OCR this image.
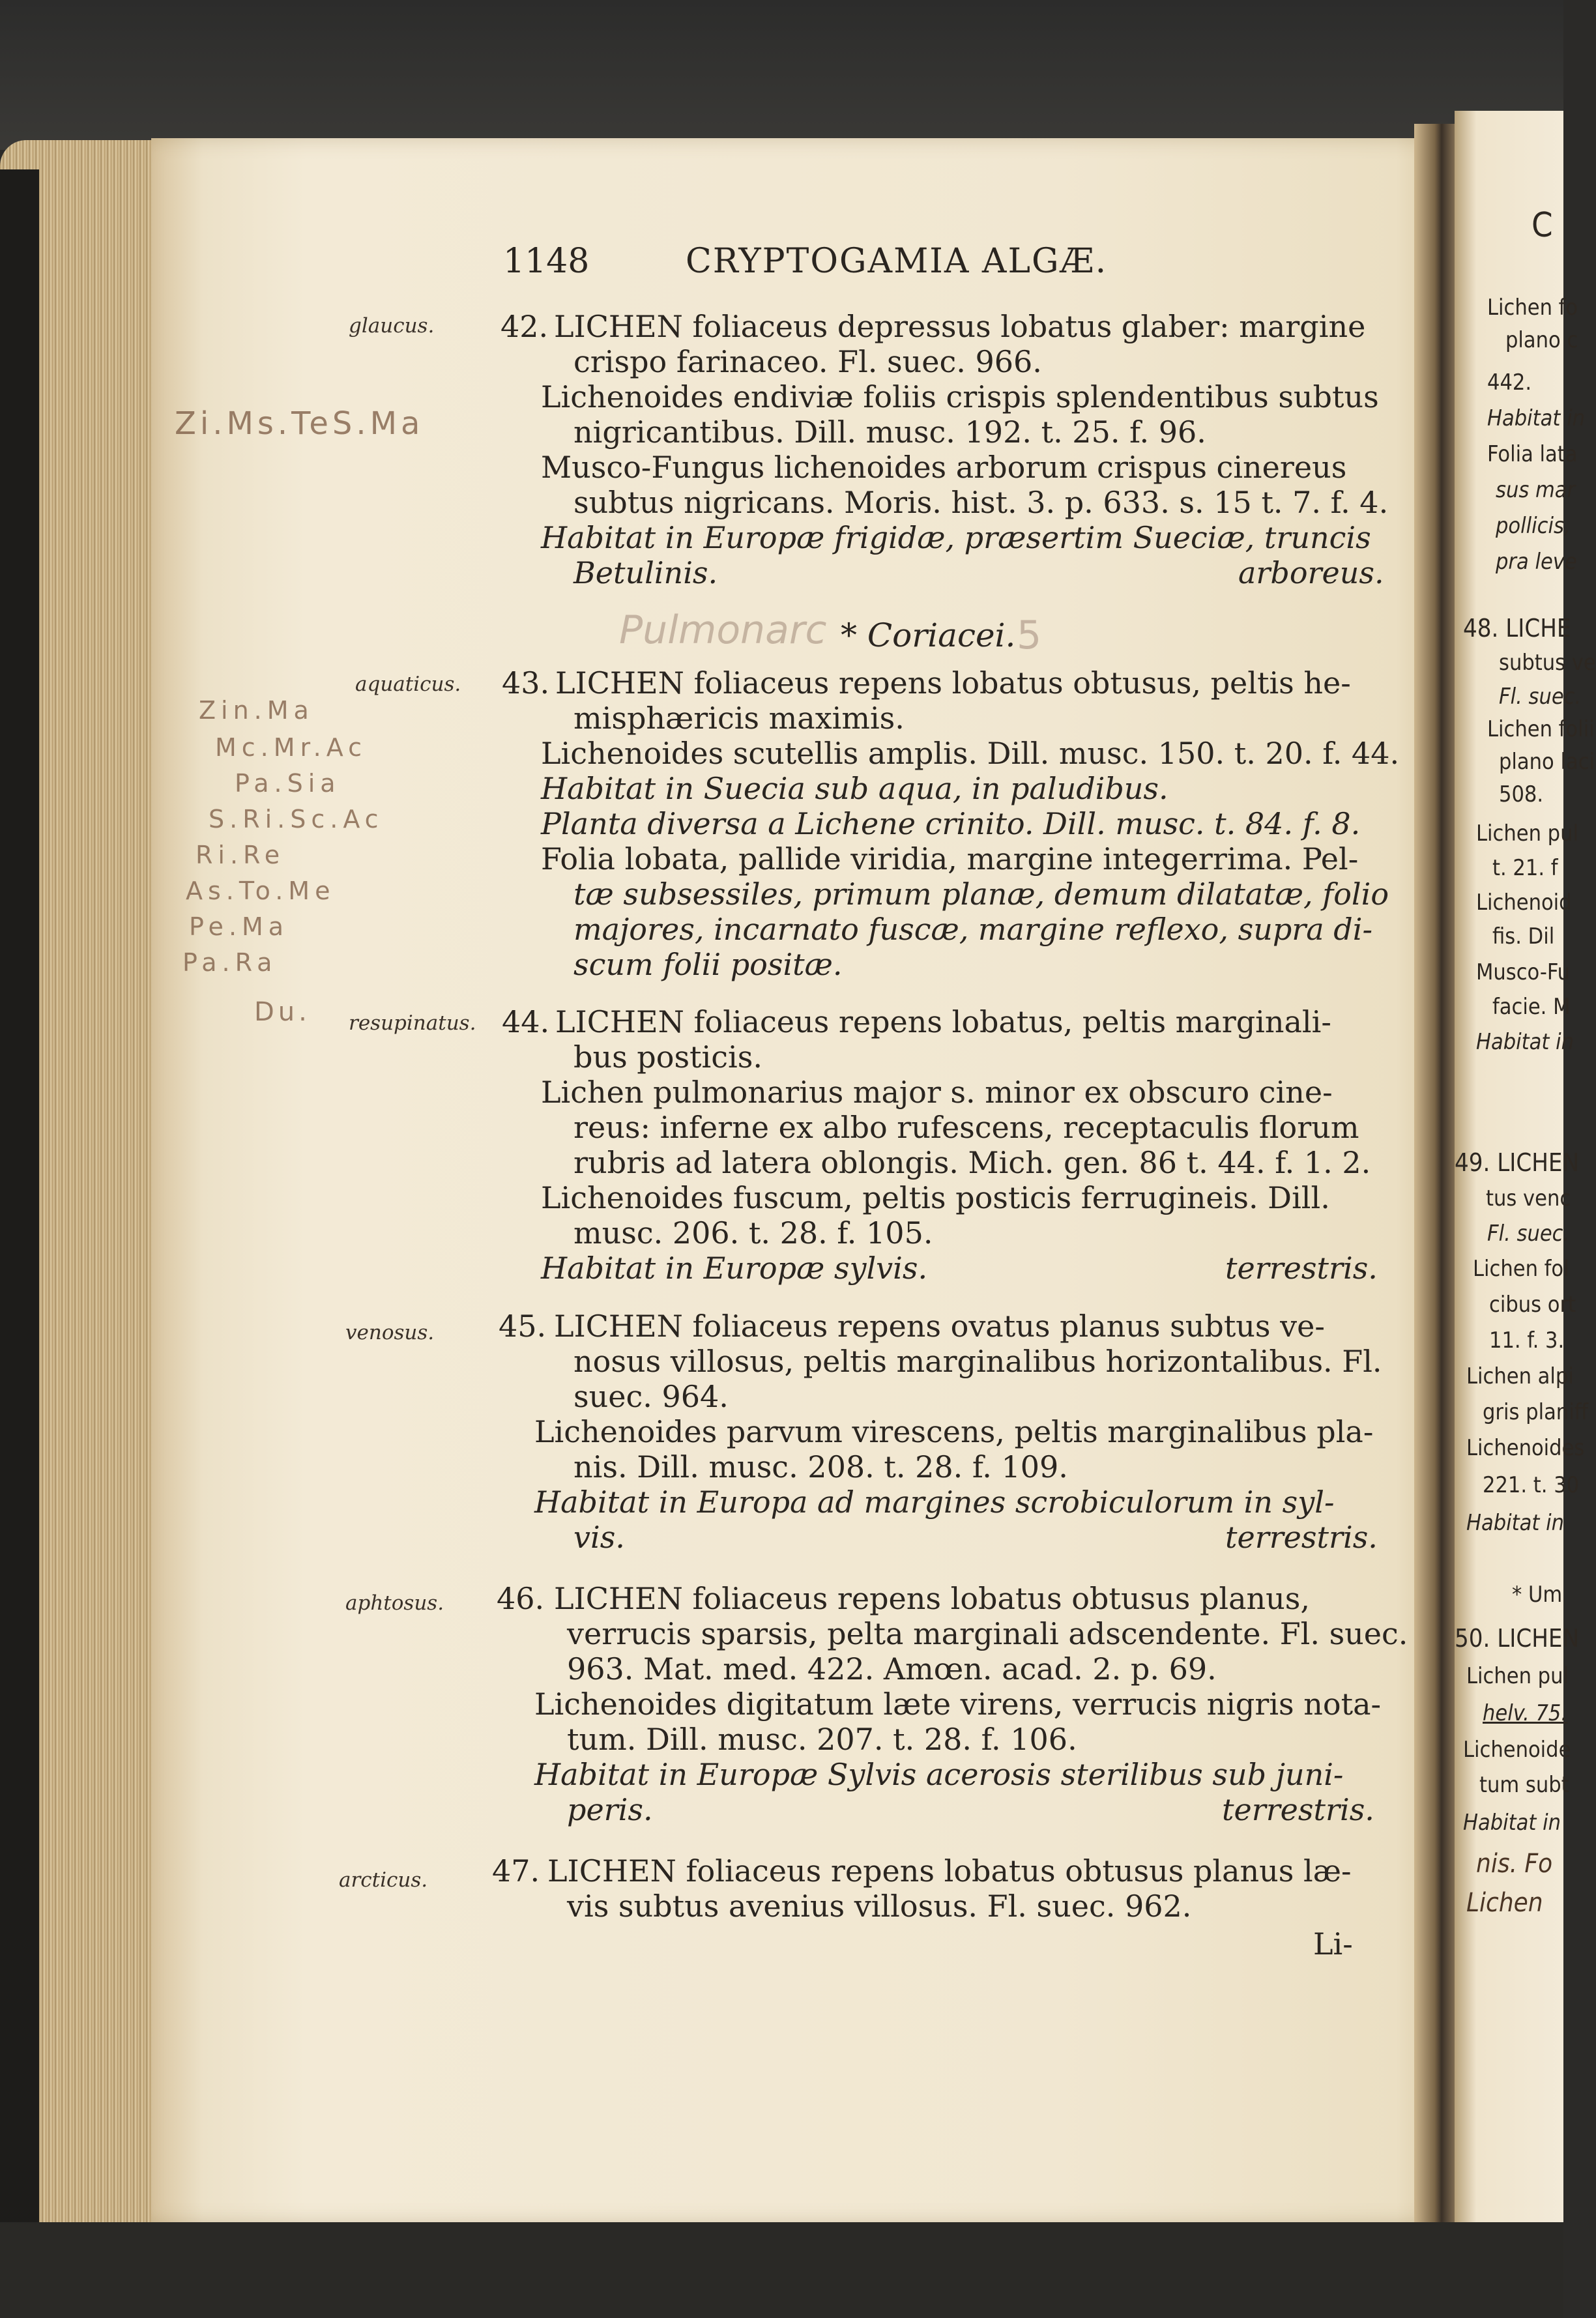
1148	CRYPTOGAMIA ALGÆ.
Zi.Ms.TeS.Ma
Zin.Ma
Mc.Mr.Ac
Pa.Sia
S.Ri.Sc.Ac
Ri.Re
As.To.Me
Pe.Ma
Pa.Ra
Du.
glaucus. 42. LICHEN foliaceus depressus lobatus glaber: margine
crispo farinaceo. Fl. suec. 966.
Lichenoides endiviæ foliis crispis splendentibus subtus
nigricantibus. Dill. musc. 192. t. 25. f. 96.
Musco-Fungus lichenoides arborum crispus cinereus
subtus nigricans. Moris. hist. 3. p. 633. s. 15 t. 7. f. 4.
Habitat in Europæ frigidæ, præsertim Sueciæ, truncis
Betulinis.	arboreus.
Pulmonarc * Coriacei. 5
aquaticus. 43. LICHEN foliaceus repens lobatus obtusus, peltis he-
misphæricis maximis.
Lichenoides scutellis amplis. Dill. musc. 150. t. 20. f. 44.
Habitat in Suecia sub aqua, in paludibus.
Planta diversa a Lichene crinito. Dill. musc. t. 84. f. 8.
Folia lobata, pallide viridia, margine integerrima. Pel-
tæ subsessiles, primum planæ, demum dilatatæ, folio
majores, incarnato fuscæ, margine reflexo, supra di-
scum folii positæ.
resupinatus. 44. LICHEN foliaceus repens lobatus, peltis marginali-
bus posticis.
Lichen pulmonarius major s. minor ex obscuro cine-
reus: inferne ex albo rufescens, receptaculis florum
rubris ad latera oblongis. Mich. gen. 86 t. 44. f. 1. 2.
Lichenoides fuscum, peltis posticis ferrugineis. Dill.
musc. 206. t. 28. f. 105.
Habitat in Europæ sylvis.	terrestris.
venosus. 45. LICHEN foliaceus repens ovatus planus subtus ve-
nosus villosus, peltis marginalibus horizontalibus. Fl.
suec. 964.
Lichenoides parvum virescens, peltis marginalibus pla-
nis. Dill. musc. 208. t. 28. f. 109.
Habitat in Europa ad margines scrobiculorum in syl-
vis.	terrestris.
aphtosus. 46. LICHEN foliaceus repens lobatus obtusus planus,
verrucis sparsis, pelta marginali adscendente. Fl. suec.
963. Mat. med. 422. Amœn. acad. 2. p. 69.
Lichenoides digitatum læte virens, verrucis nigris nota-
tum. Dill. musc. 207. t. 28. f. 106.
Habitat in Europæ Sylvis acerosis sterilibus sub juni-
peris.	terrestris.
arcticus. 47. LICHEN foliaceus repens lobatus obtusus planus læ-
vis subtus avenius villosus. Fl. suec. 962.
Li-
C
Lichen fo
plano c
442.
Habitat in
Folia lata
sus mar
pollicis,
pra leve
48. LICHE
subtus ve
Fl. suec.
Lichen folii
plano laci
508.
Lichen pul
t. 21. f
Lichenoid
fis. Dil
Musco-Fu
facie. M
Habitat in
49. LICHEN
tus venc
Fl. suec.
Lichen fol
cibus ort
11. f. 3.
Lichen alpi
gris planiff
Lichenoides
221. t. 30
Habitat in
* Um
50. LICHEN
Lichen pul
helv. 75.
Lichenoide
tum subt
Habitat in
nis. Fo
Lichen
